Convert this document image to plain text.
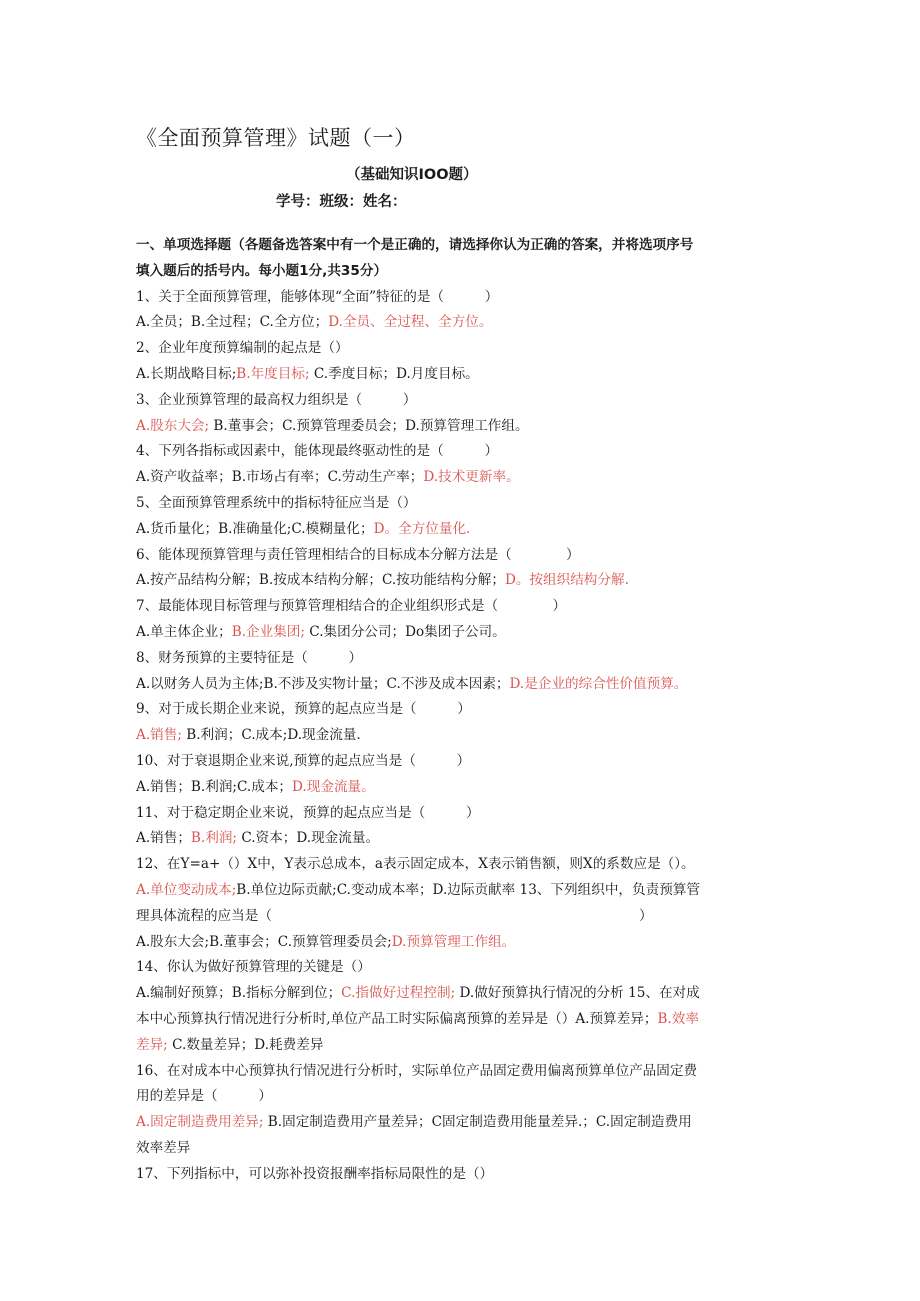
《全面预算管理》试题（一）
（基础知识IOO题）
学号：班级：姓名：

一、单项选择题（各题备选答案中有一个是正确的，请选择你认为正确的答案，并将选项序号

填入题后的括号内。每小题1分,共35分）

1、关于全面预算管理，能够体现“全面”特征的是（　　　）

A.全员；B.全过程；C.全方位；D.全员、全过程、全方位。

2、企业年度预算编制的起点是（）

A.长期战略目标;B.年度目标; C.季度目标；D.月度目标。

3、企业预算管理的最高权力组织是（　　　）

A.股东大会; B.董事会；C.预算管理委员会；D.预算管理工作组。

4、下列各指标或因素中，能体现最终驱动性的是（　　　）

A.资产收益率；B.市场占有率；C.劳动生产率；D.技术更新率。

5、全面预算管理系统中的指标特征应当是（）

A.货币量化；B.准确量化;C.模糊量化；D。全方位量化.

6、能体现预算管理与责任管理相结合的目标成本分解方法是（　　　　）

A.按产品结构分解；B.按成本结构分解；C.按功能结构分解；D。按组织结构分解.

7、最能体现目标管理与预算管理相结合的企业组织形式是（　　　　）

A.单主体企业；B.企业集团; C.集团分公司；Do集团子公司。

8、财务预算的主要特征是（　　　）

A.以财务人员为主体;B.不涉及实物计量；C.不涉及成本因素；D.是企业的综合性价值预算。

9、对于成长期企业来说，预算的起点应当是（　　　）

A.销售; B.利润；C.成本;D.现金流量.

10、对于衰退期企业来说,预算的起点应当是（　　　）

A.销售；B.利润;C.成本；D.现金流量。

11、对于稳定期企业来说，预算的起点应当是（　　　）

A.销售；B.利润; C.资本；D.现金流量。

12、在Y=a+（）X中，Y表示总成本，a表示固定成本，X表示销售额，则X的系数应是（）。

A.单位变动成本;B.单位边际贡献;C.变动成本率；D.边际贡献率 13、下列组织中，负责预算管

理具体流程的应当是（　　　　　　　　　　　　　　　　　　　　　　　　　　　）

A.股东大会;B.董事会；C.预算管理委员会;D.预算管理工作组。

14、你认为做好预算管理的关键是（）

A.编制好预算；B.指标分解到位；C.指做好过程控制; D.做好预算执行情况的分析 15、在对成

本中心预算执行情况进行分析时,单位产品工时实际偏离预算的差异是（）A.预算差异；B.效率

差异; C.数量差异；D.耗费差异

16、在对成本中心预算执行情况进行分析时，实际单位产品固定费用偏离预算单位产品固定费

用的差异是（　　　）

A.固定制造费用差异; B.固定制造费用产量差异；C固定制造费用能量差异.；C.固定制造费用

效率差异

17、下列指标中，可以弥补投资报酬率指标局限性的是（）
